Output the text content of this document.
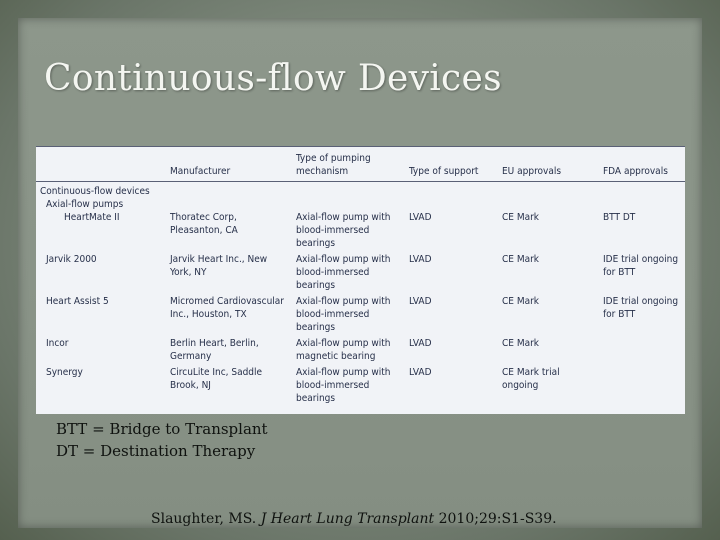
Continuous-flow Devices
	Manufacturer	Type of pumping mechanism	Type of support	EU approvals	FDA approvals
Continuous-flow devices					
Axial-flow pumps					
HeartMate II	Thoratec Corp, Pleasanton, CA	Axial-flow pump with blood-immersed bearings	LVAD	CE Mark	BTT DT
Jarvik 2000	Jarvik Heart Inc., New York, NY	Axial-flow pump with blood-immersed bearings	LVAD	CE Mark	IDE trial ongoing for BTT
Heart Assist 5	Micromed Cardiovascular Inc., Houston, TX	Axial-flow pump with blood-immersed bearings	LVAD	CE Mark	IDE trial ongoing for BTT
Incor	Berlin Heart, Berlin, Germany	Axial-flow pump with magnetic bearing	LVAD	CE Mark	
Synergy	CircuLite Inc, Saddle Brook, NJ	Axial-flow pump with blood-immersed bearings	LVAD	CE Mark trial ongoing	
BTT = Bridge to Transplant
DT = Destination Therapy
Slaughter, MS. J Heart Lung Transplant 2010;29:S1-S39.
